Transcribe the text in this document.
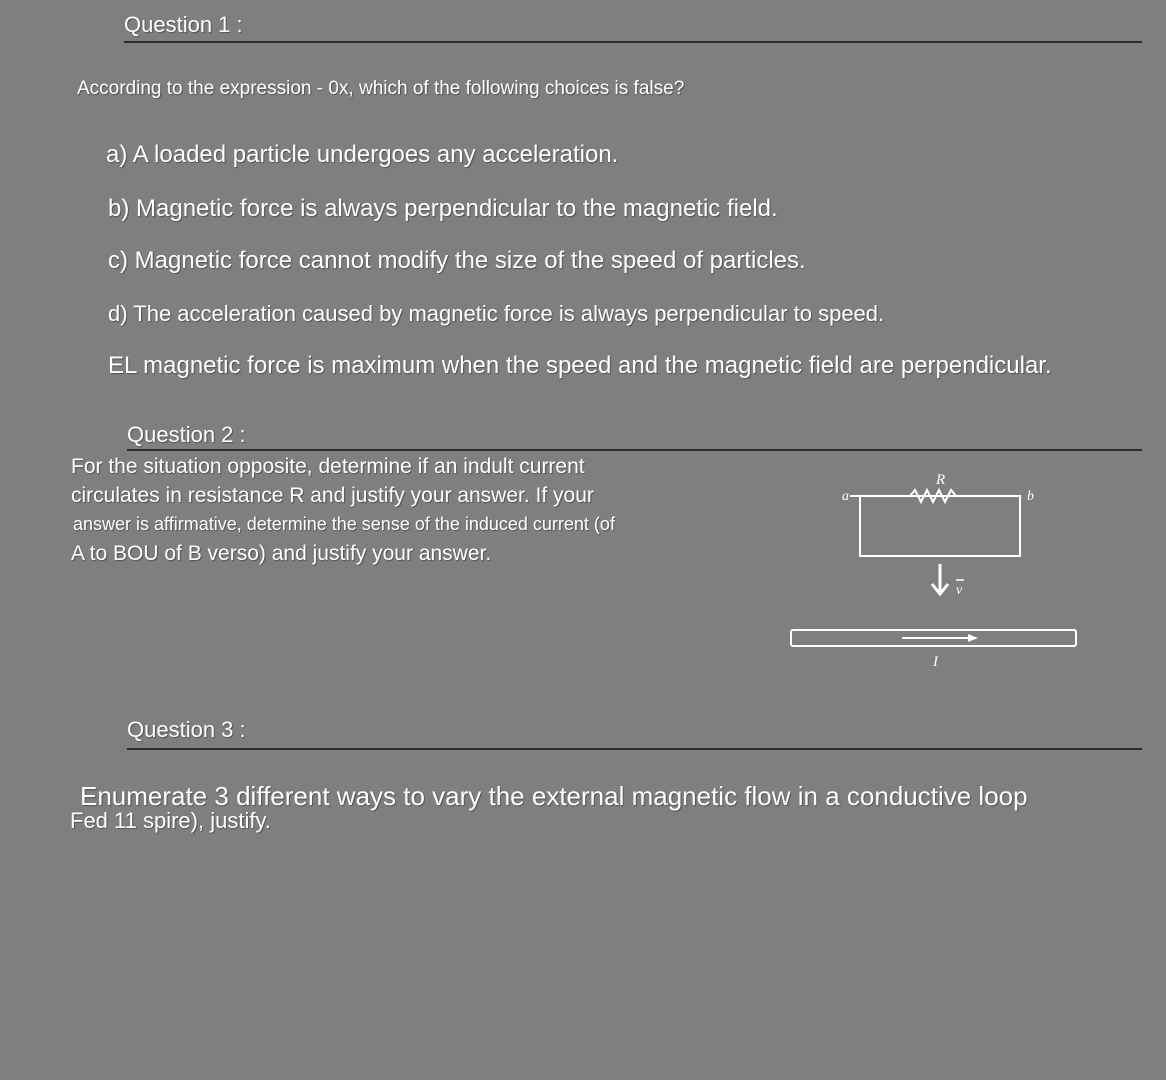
Question 1 :
According to the expression - 0x, which of the following choices is false?
a) A loaded particle undergoes any acceleration.
b) Magnetic force is always perpendicular to the magnetic field.
c) Magnetic force cannot modify the size of the speed of particles.
d) The acceleration caused by magnetic force is always perpendicular to speed.
EL magnetic force is maximum when the speed and the magnetic field are perpendicular.
Question 2 :
For the situation opposite, determine if an indult current
circulates in resistance R and justify your answer. If your
answer is affirmative, determine the sense of the induced current (of
A to BOU of B verso) and justify your answer.
a	b
R
v
I
Question 3 :
Enumerate 3 different ways to vary the external magnetic flow in a conductive loop
Fed 11 spire), justify.
